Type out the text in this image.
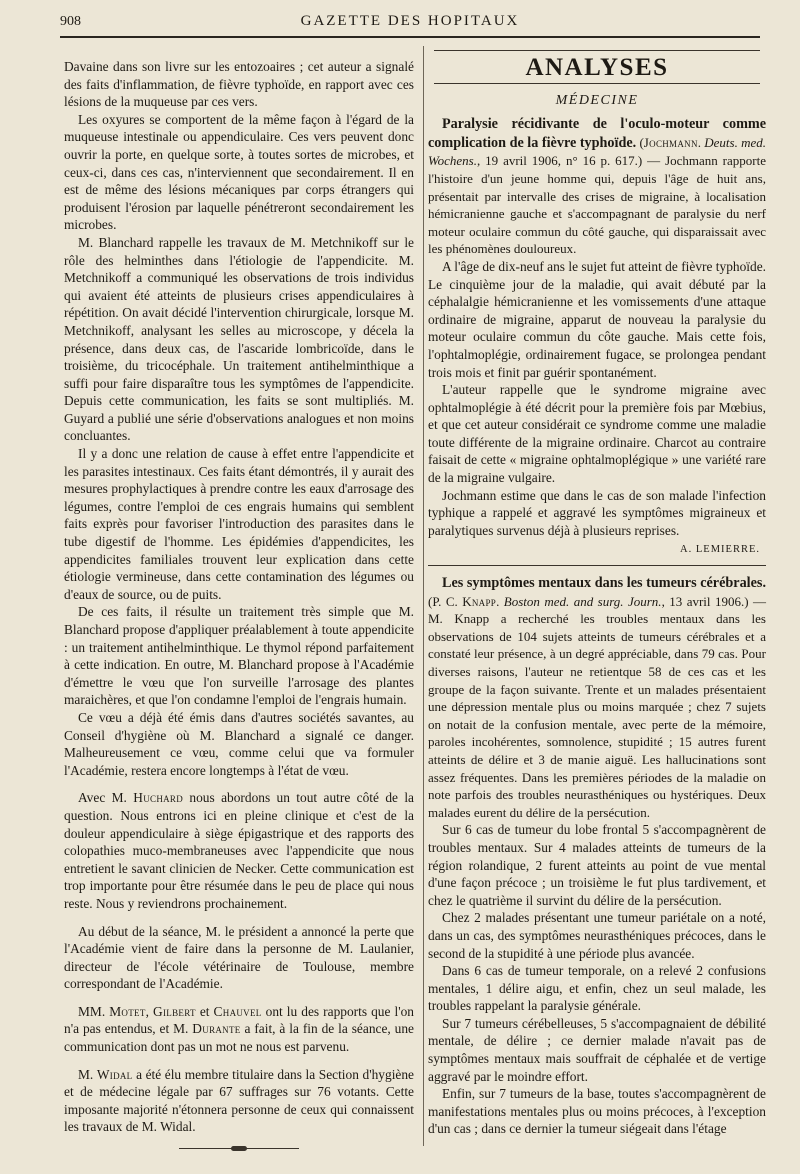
908	GAZETTE DES HOPITAUX

Davaine dans son livre sur les entozoaires ; cet auteur a signalé des faits d'inflammation, de fièvre typhoïde, en rapport avec ces lésions de la muqueuse par ces vers.

Les oxyures se comportent de la même façon à l'égard de la muqueuse intestinale ou appendiculaire. Ces vers peuvent donc ouvrir la porte, en quelque sorte, à toutes sortes de microbes, et ceux-ci, dans ces cas, n'interviennent que secondairement. Il en est de même des lésions mécaniques par corps étrangers qui produisent l'érosion par laquelle pénétreront secondairement les microbes.

M. Blanchard rappelle les travaux de M. Metchnikoff sur le rôle des helminthes dans l'étiologie de l'appendicite. M. Metchnikoff a communiqué les observations de trois individus qui avaient été atteints de plusieurs crises appendiculaires à répétition. On avait décidé l'intervention chirurgicale, lorsque M. Metchnikoff, analysant les selles au microscope, y décela la présence, dans deux cas, de l'ascaride lombricoïde, dans le troisième, du tricocéphale. Un traitement antihelminthique a suffi pour faire disparaître tous les symptômes de l'appendicite. Depuis cette communication, les faits se sont multipliés. M. Guyard a publié une série d'observations analogues et non moins concluantes.

Il y a donc une relation de cause à effet entre l'appendicite et les parasites intestinaux. Ces faits étant démontrés, il y aurait des mesures prophylactiques à prendre contre les eaux d'arrosage des légumes, contre l'emploi de ces engrais humains qui semblent faits exprès pour favoriser l'introduction des parasites dans le tube digestif de l'homme. Les épidémies d'appendicites, les appendicites familiales trouvent leur explication dans cette étiologie vermineuse, dans cette contamination des légumes ou d'eaux de source, ou de puits.

De ces faits, il résulte un traitement très simple que M. Blanchard propose d'appliquer préalablement à toute appendicite : un traitement antihelminthique. Le thymol répond parfaitement à cette indication. En outre, M. Blanchard propose à l'Académie d'émettre le vœu que l'on surveille l'arrosage des plantes maraichères, et que l'on condamne l'emploi de l'engrais humain.

Ce vœu a déjà été émis dans d'autres sociétés savantes, au Conseil d'hygiène où M. Blanchard a signalé ce danger. Malheureusement ce vœu, comme celui que va formuler l'Académie, restera encore longtemps à l'état de vœu.

Avec M. Huchard nous abordons un tout autre côté de la question. Nous entrons ici en pleine clinique et c'est de la douleur appendiculaire à siège épigastrique et des rapports des colopathies muco-membraneuses avec l'appendicite que nous entretient le savant clinicien de Necker. Cette communication est trop importante pour être résumée dans le peu de place qui nous reste. Nous y reviendrons prochainement.

Au début de la séance, M. le président a annoncé la perte que l'Académie vient de faire dans la personne de M. Laulanier, directeur de l'école vétérinaire de Toulouse, membre correspondant de l'Académie.

MM. Motet, Gilbert et Chauvel ont lu des rapports que l'on n'a pas entendus, et M. Durante a fait, à la fin de la séance, une communication dont pas un mot ne nous est parvenu.

M. Widal a été élu membre titulaire dans la Section d'hygiène et de médecine légale par 67 suffrages sur 76 votants. Cette imposante majorité n'étonnera personne de ceux qui connaissent les travaux de M. Widal.

ANALYSES
MÉDECINE

Paralysie récidivante de l'oculo-moteur comme complication de la fièvre typhoïde. (Jochmann. Deuts. med. Wochens., 19 avril 1906, n° 16 p. 617.) — Jochmann rapporte l'histoire d'un jeune homme qui, depuis l'âge de huit ans, présentait par intervalle des crises de migraine, à localisation hémicranienne gauche et s'accompagnant de paralysie du nerf moteur oculaire commun du côté gauche, qui disparaissait avec les phénomènes douloureux.

A l'âge de dix-neuf ans le sujet fut atteint de fièvre typhoïde. Le cinquième jour de la maladie, qui avait débuté par la céphalalgie hémicranienne et les vomissements d'une attaque ordinaire de migraine, apparut de nouveau la paralysie du moteur oculaire commun du côte gauche. Mais cette fois, l'ophtalmoplégie, ordinairement fugace, se prolongea pendant trois mois et finit par guérir spontanément.

L'auteur rappelle que le syndrome migraine avec ophtalmoplégie à été décrit pour la première fois par Mœbius, et que cet auteur considérait ce syndrome comme une maladie toute différente de la migraine ordinaire. Charcot au contraire faisait de cette « migraine ophtalmoplégique » une variété rare de la migraine vulgaire.

Jochmann estime que dans le cas de son malade l'infection typhique a rappelé et aggravé les symptômes migraineux et paralytiques survenus déjà à plusieurs reprises.

A. LEMIERRE.

Les symptômes mentaux dans les tumeurs cérébrales. (P. C. Knapp. Boston med. and surg. Journ., 13 avril 1906.) — M. Knapp a recherché les troubles mentaux dans les observations de 104 sujets atteints de tumeurs cérébrales et a constaté leur présence, à un degré appréciable, dans 79 cas. Pour diverses raisons, l'auteur ne retientque 58 de ces cas et les groupe de la façon suivante. Trente et un malades présentaient une dépression mentale plus ou moins marquée ; chez 7 sujets on notait de la confusion mentale, avec perte de la mémoire, paroles incohérentes, somnolence, stupidité ; 15 autres furent atteints de délire et 3 de manie aiguë. Les hallucinations sont assez fréquentes. Dans les premières périodes de la maladie on note parfois des troubles neurasthéniques ou hystériques. Deux malades eurent du délire de la persécution.

Sur 6 cas de tumeur du lobe frontal 5 s'accompagnèrent de troubles mentaux. Sur 4 malades atteints de tumeurs de la région rolandique, 2 furent atteints au point de vue mental d'une façon précoce ; un troisième le fut plus tardivement, et chez le quatrième il survint du délire de la persécution.

Chez 2 malades présentant une tumeur pariétale on a noté, dans un cas, des symptômes neurasthéniques précoces, dans le second de la stupidité à une période plus avancée.

Dans 6 cas de tumeur temporale, on a relevé 2 confusions mentales, 1 délire aigu, et enfin, chez un seul malade, les troubles rappelant la paralysie générale.

Sur 7 tumeurs cérébelleuses, 5 s'accompagnaient de débilité mentale, de délire ; ce dernier malade n'avait pas de symptômes mentaux mais souffrait de céphalée et de vertige aggravé par le moindre effort.

Enfin, sur 7 tumeurs de la base, toutes s'accompagnèrent de manifestations mentales plus ou moins précoces, à l'exception d'un cas ; dans ce dernier la tumeur siégeait dans l'étage
